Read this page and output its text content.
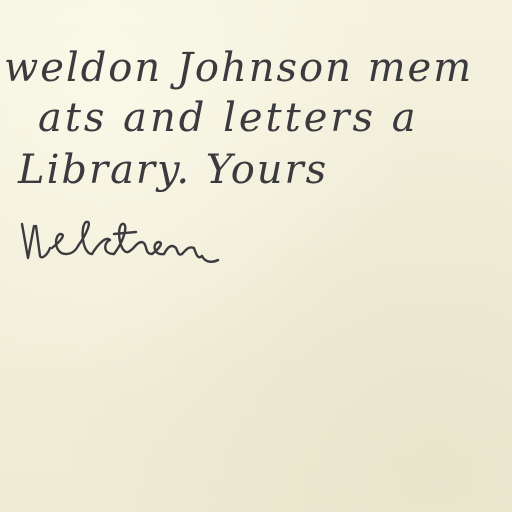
weldon Johnson mem
ats and letters a
Library. Yours
